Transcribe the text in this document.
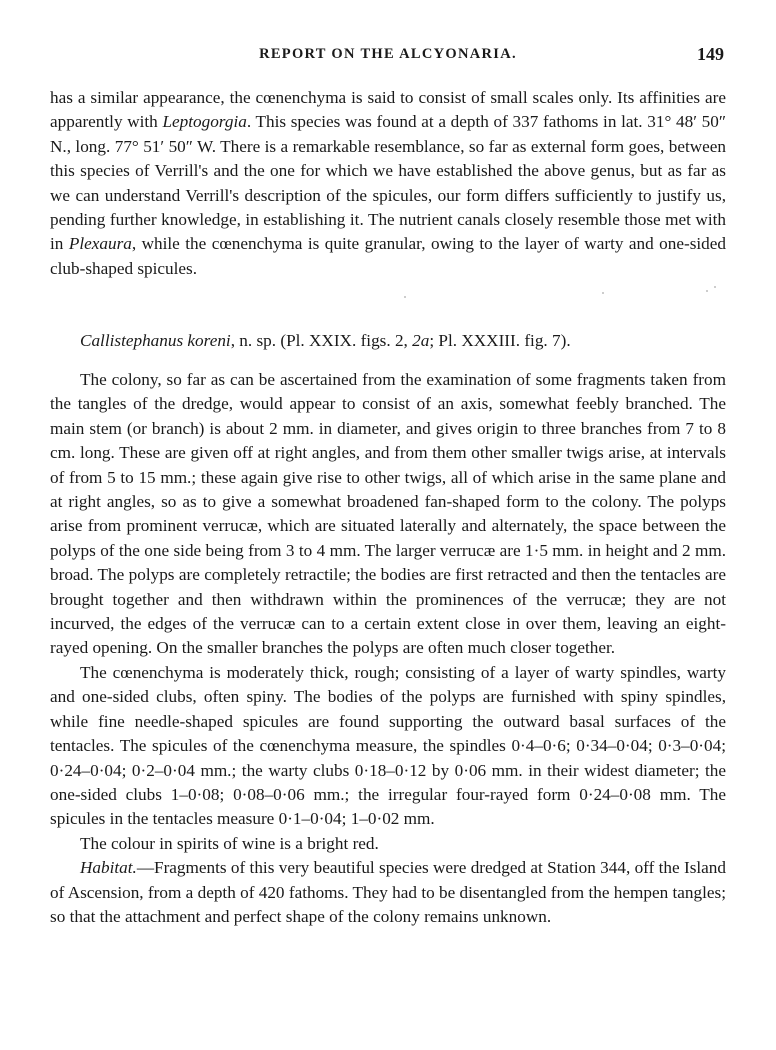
REPORT ON THE ALCYONARIA.	149

has a similar appearance, the cœnenchyma is said to consist of small scales only. Its affinities are apparently with Leptogorgia. This species was found at a depth of 337 fathoms in lat. 31° 48′ 50″ N., long. 77° 51′ 50″ W. There is a remarkable resemblance, so far as external form goes, between this species of Verrill's and the one for which we have established the above genus, but as far as we can understand Verrill's description of the spicules, our form differs sufficiently to justify us, pending further knowledge, in establishing it. The nutrient canals closely resemble those met with in Plexaura, while the cœnenchyma is quite granular, owing to the layer of warty and one-sided club-shaped spicules.

Callistephanus koreni, n. sp. (Pl. XXIX. figs. 2, 2a; Pl. XXXIII. fig. 7).

The colony, so far as can be ascertained from the examination of some fragments taken from the tangles of the dredge, would appear to consist of an axis, somewhat feebly branched. The main stem (or branch) is about 2 mm. in diameter, and gives origin to three branches from 7 to 8 cm. long. These are given off at right angles, and from them other smaller twigs arise, at intervals of from 5 to 15 mm.; these again give rise to other twigs, all of which arise in the same plane and at right angles, so as to give a somewhat broadened fan-shaped form to the colony. The polyps arise from prominent verrucæ, which are situated laterally and alternately, the space between the polyps of the one side being from 3 to 4 mm. The larger verrucæ are 1·5 mm. in height and 2 mm. broad. The polyps are completely retractile; the bodies are first retracted and then the tentacles are brought together and then withdrawn within the prominences of the verrucæ; they are not incurved, the edges of the verrucæ can to a certain extent close in over them, leaving an eight-rayed opening. On the smaller branches the polyps are often much closer together.

The cœnenchyma is moderately thick, rough; consisting of a layer of warty spindles, warty and one-sided clubs, often spiny. The bodies of the polyps are furnished with spiny spindles, while fine needle-shaped spicules are found supporting the outward basal surfaces of the tentacles. The spicules of the cœnenchyma measure, the spindles 0·4–0·6; 0·34–0·04; 0·3–0·04; 0·24–0·04; 0·2–0·04 mm.; the warty clubs 0·18–0·12 by 0·06 mm. in their widest diameter; the one-sided clubs 1–0·08; 0·08–0·06 mm.; the irregular four-rayed form 0·24–0·08 mm. The spicules in the tentacles measure 0·1–0·04; 1–0·02 mm.

The colour in spirits of wine is a bright red.

Habitat.—Fragments of this very beautiful species were dredged at Station 344, off the Island of Ascension, from a depth of 420 fathoms. They had to be disentangled from the hempen tangles; so that the attachment and perfect shape of the colony remains unknown.
